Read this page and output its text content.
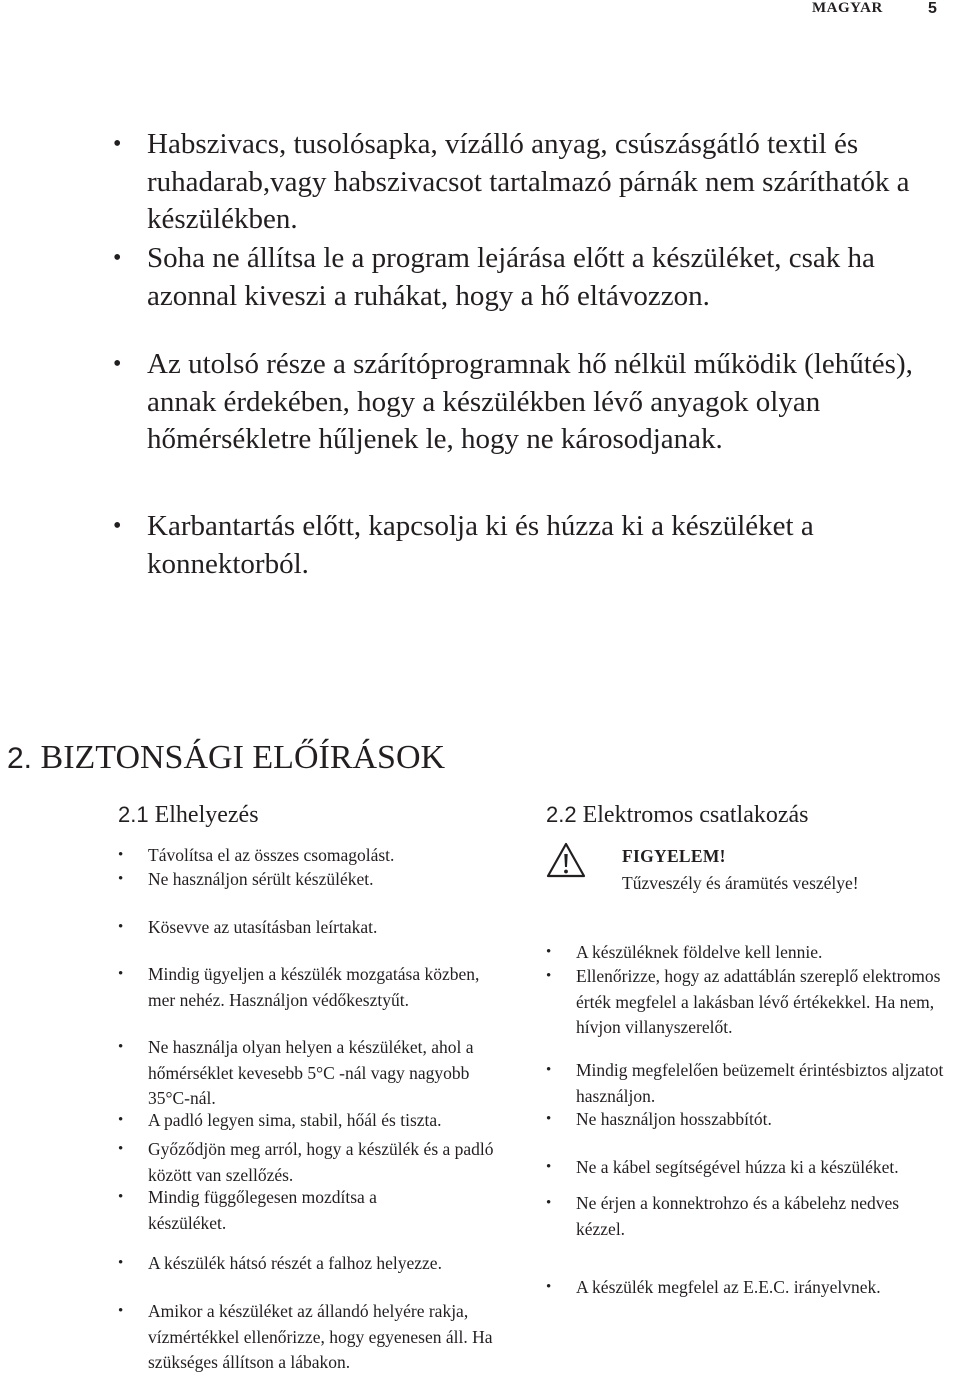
MAGYAR	5
• Habszivacs, tusolósapka, vízálló anyag, csúszásgátló textil és ruhadarab,vagy habszivacsot tartalmazó párnák nem száríthatók a készülékben.
• Soha ne állítsa le a program lejárása előtt a készüléket, csak ha azonnal kiveszi a ruhákat, hogy a hő eltávozzon.
• Az utolsó része a szárítóprogramnak hő nélkül működik (lehűtés), annak érdekében, hogy a készülékben lévő anyagok olyan hőmérsékletre hűljenek le, hogy ne károsodjanak.
• Karbantartás előtt, kapcsolja ki és húzza ki a készüléket a konnektorból.
2. BIZTONSÁGI ELŐÍRÁSOK
2.1 Elhelyezés
• Távolítsa el az összes csomagolást.
• Ne használjon sérült készüléket.
• Kösevve az utasításban leírtakat.
• Mindig ügyeljen a készülék mozgatása közben, mer nehéz. Használjon védőkesztyűt.
• Ne használja olyan helyen a készüléket, ahol a hőmérséklet kevesebb 5°C -nál vagy nagyobb 35°C-nál.
• A padló legyen sima, stabil, hőál és tiszta.
• Győződjön meg arról, hogy a készülék és a padló között van szellőzés.
• Mindig függőlegesen mozdítsa a készüléket.
• A készülék hátsó részét a falhoz helyezze.
• Amikor a készüléket az állandó helyére rakja, vízmértékkel ellenőrizze, hogy egyenesen áll. Ha szükséges állítson a lábakon.
2.2 Elektromos csatlakozás
FIGYELEM!
Tűzveszély és áramütés veszélye!
• A készüléknek földelve kell lennie.
• Ellenőrizze, hogy az adattáblán szereplő elektromos érték megfelel a lakásban lévő értékekkel. Ha nem, hívjon villanyszerelőt.
• Mindig megfelelően beüzemelt érintésbiztos aljzatot használjon.
• Ne használjon hosszabbítót.
• Ne a kábel segítségével húzza ki a készüléket.
• Ne érjen a konnektrohzo és a kábelehz nedves kézzel.
• A készülék megfelel az E.E.C. irányelvnek.
